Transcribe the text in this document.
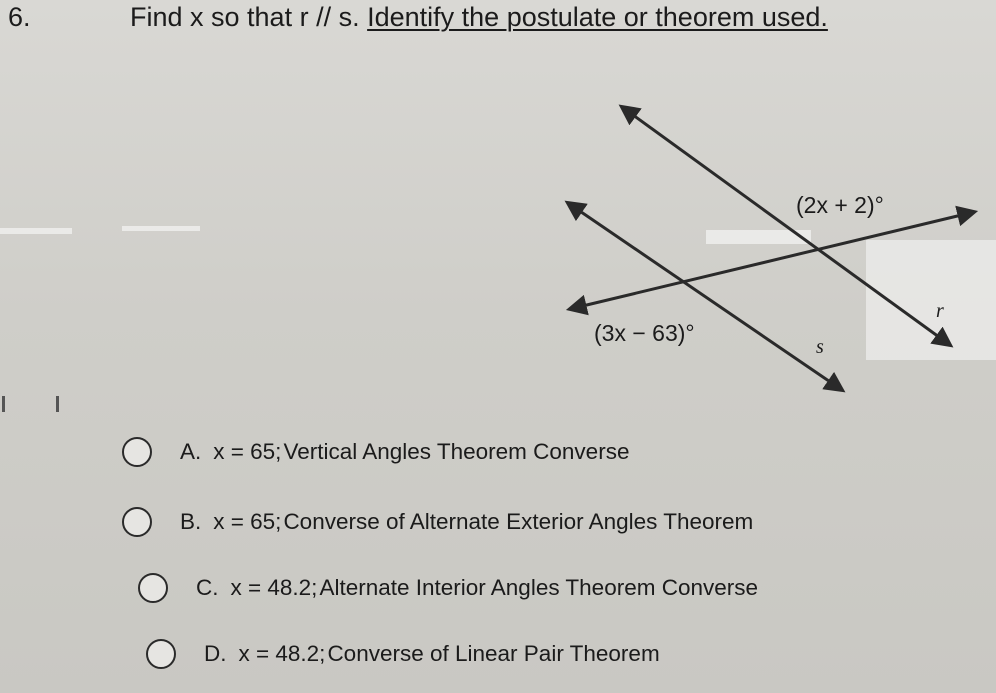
6.	Find x so that r // s. Identify the postulate or theorem used.
(2x + 2)°
(3x − 63)°
r
s
A. x = 65; Vertical Angles Theorem Converse
B. x = 65; Converse of Alternate Exterior Angles Theorem
C. x = 48.2; Alternate Interior Angles Theorem Converse
D. x = 48.2; Converse of Linear Pair Theorem
